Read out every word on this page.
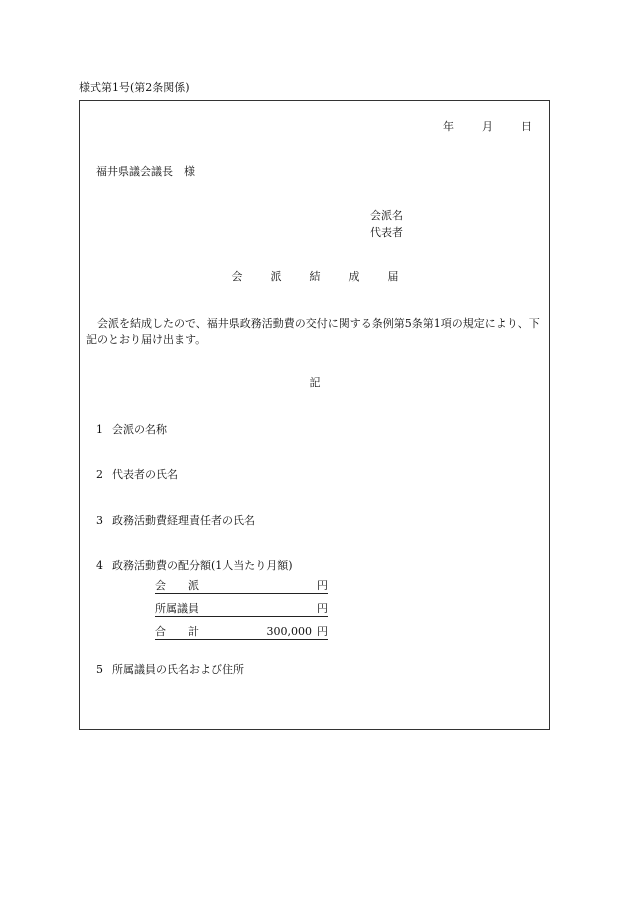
様式第1号(第2条関係)
年	月	日
福井県議会議長　様
会派名
代表者
会	派	結	成	届
会派を結成したので、福井県政務活動費の交付に関する条例第5条第1項の規定により、下記のとおり届け出ます。
記
1 会派の名称
2 代表者の氏名
3 政務活動費経理責任者の氏名
4 政務活動費の配分額(1人当たり月額)
会 派	円
所属議員	円
合 計	300,000 円
5 所属議員の氏名および住所
